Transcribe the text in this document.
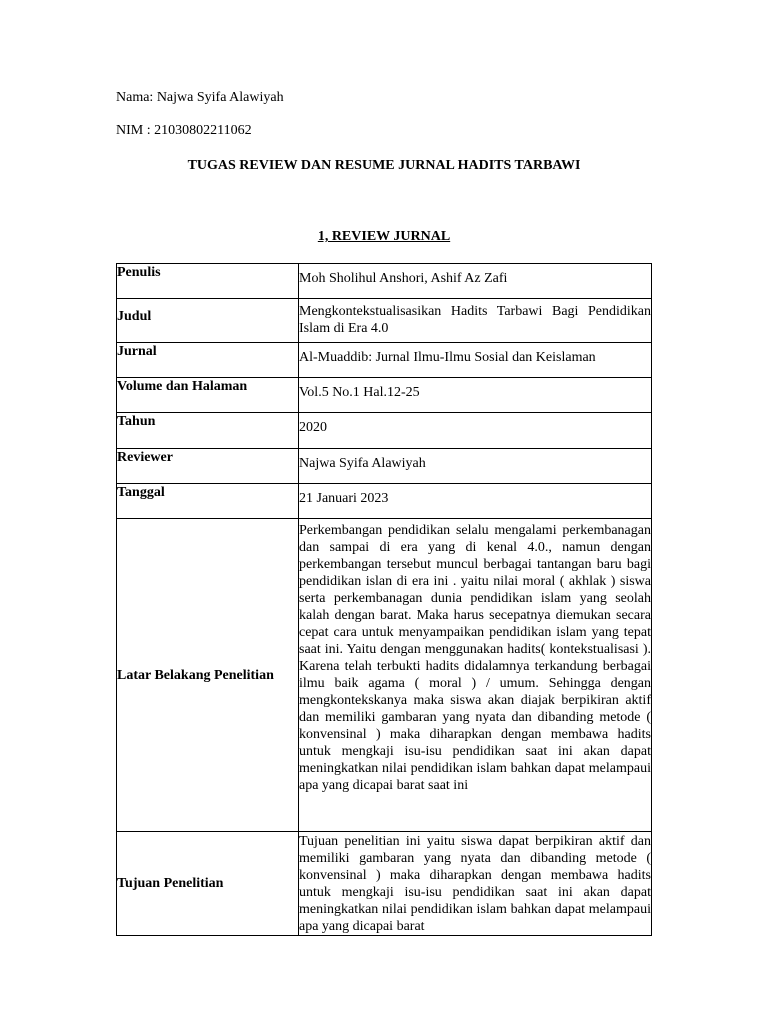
Nama: Najwa Syifa Alawiyah
NIM : 21030802211062
TUGAS REVIEW DAN RESUME JURNAL HADITS TARBAWI
1, REVIEW JURNAL
Penulis	Moh Sholihul Anshori, Ashif Az Zafi

Judul	Mengkontekstualisasikan Hadits Tarbawi Bagi Pendidikan Islam di Era 4.0

Jurnal	Al-Muaddib: Jurnal Ilmu-Ilmu Sosial dan Keislaman

Volume dan Halaman	Vol.5 No.1 Hal.12-25

Tahun	2020

Reviewer	Najwa Syifa Alawiyah

Tanggal	21 Januari 2023

Latar Belakang Penelitian	Perkembangan pendidikan selalu mengalami perkembanagan dan sampai di era yang di kenal 4.0., namun dengan perkembangan tersebut muncul berbagai tantangan baru bagi pendidikan islan di era ini . yaitu nilai moral ( akhlak ) siswa serta perkembanagan dunia pendidikan islam yang seolah kalah dengan barat. Maka harus secepatnya diemukan secara cepat cara untuk menyampaikan pendidikan islam yang tepat saat ini. Yaitu dengan menggunakan hadits( kontekstualisasi ). Karena telah terbukti hadits didalamnya terkandung berbagai ilmu baik agama ( moral ) / umum. Sehingga dengan mengkontekskanya maka siswa akan diajak berpikiran aktif dan memiliki gambaran yang nyata dan dibanding metode ( konvensinal ) maka diharapkan dengan membawa hadits untuk mengkaji isu-isu pendidikan saat ini akan dapat meningkatkan nilai pendidikan islam bahkan dapat melampaui apa yang dicapai barat saat ini

Tujuan Penelitian	Tujuan penelitian ini yaitu siswa dapat berpikiran aktif dan memiliki gambaran yang nyata dan dibanding metode ( konvensinal ) maka diharapkan dengan membawa hadits untuk mengkaji isu-isu pendidikan saat ini akan dapat meningkatkan nilai pendidikan islam bahkan dapat melampaui apa yang dicapai barat
